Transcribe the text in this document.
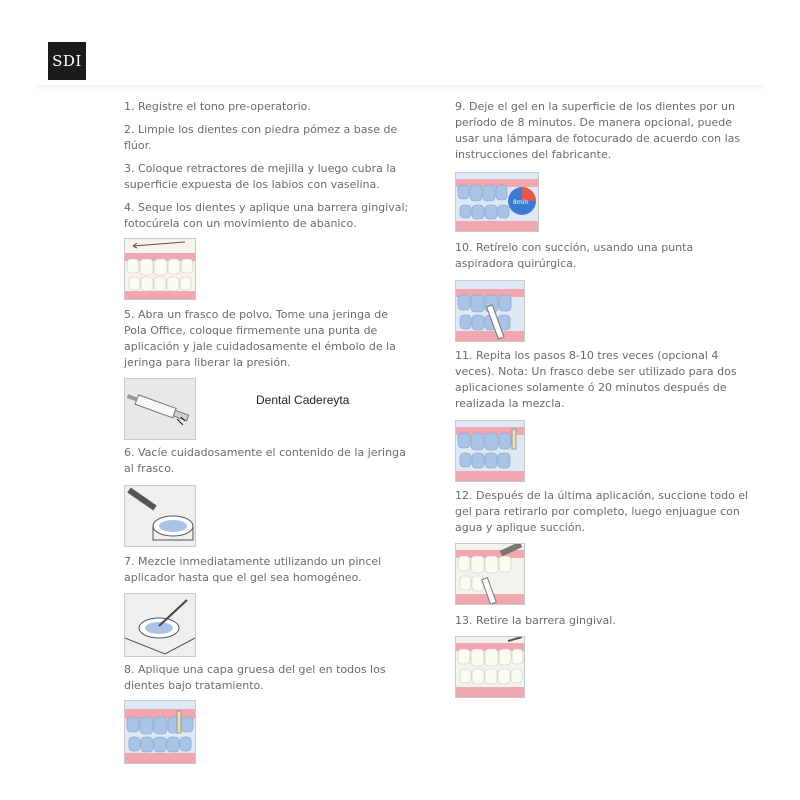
SDI
1. Registre el tono pre-operatorio.
2. Limpie los dientes con piedra pómez a base de flúor.
3. Coloque retractores de mejilla y luego cubra la superficie expuesta de los labios con vaselina.
4. Seque los dientes y aplique una barrera gingival; fotocúrela con un movimiento de abanico.
5. Abra un frasco de polvo. Tome una jeringa de Pola Office, coloque firmemente una punta de aplicación y jale cuidadosamente el émbolo de la jeringa para liberar la presión.
Dental Cadereyta
6. Vacíe cuidadosamente el contenido de la jeringa al frasco.
7. Mezcle inmediatamente utilizando un pincel aplicador hasta que el gel sea homogéneo.
8. Aplique una capa gruesa del gel en todos los dientes bajo tratamiento.
9. Deje el gel en la superficie de los dientes por un período de 8 minutos. De manera opcional, puede usar una lámpara de fotocurado de acuerdo con las instrucciones del fabricante.
8min
10. Retírelo con succión, usando una punta aspiradora quirúrgica.
11. Repita los pasos 8-10 tres veces (opcional 4 veces). Nota: Un frasco debe ser utilizado para dos aplicaciones solamente ó 20 minutos después de realizada la mezcla.
12. Después de la última aplicación, succione todo el gel para retirarlo por completo, luego enjuague con agua y aplique succión.
13. Retire la barrera gingival.
